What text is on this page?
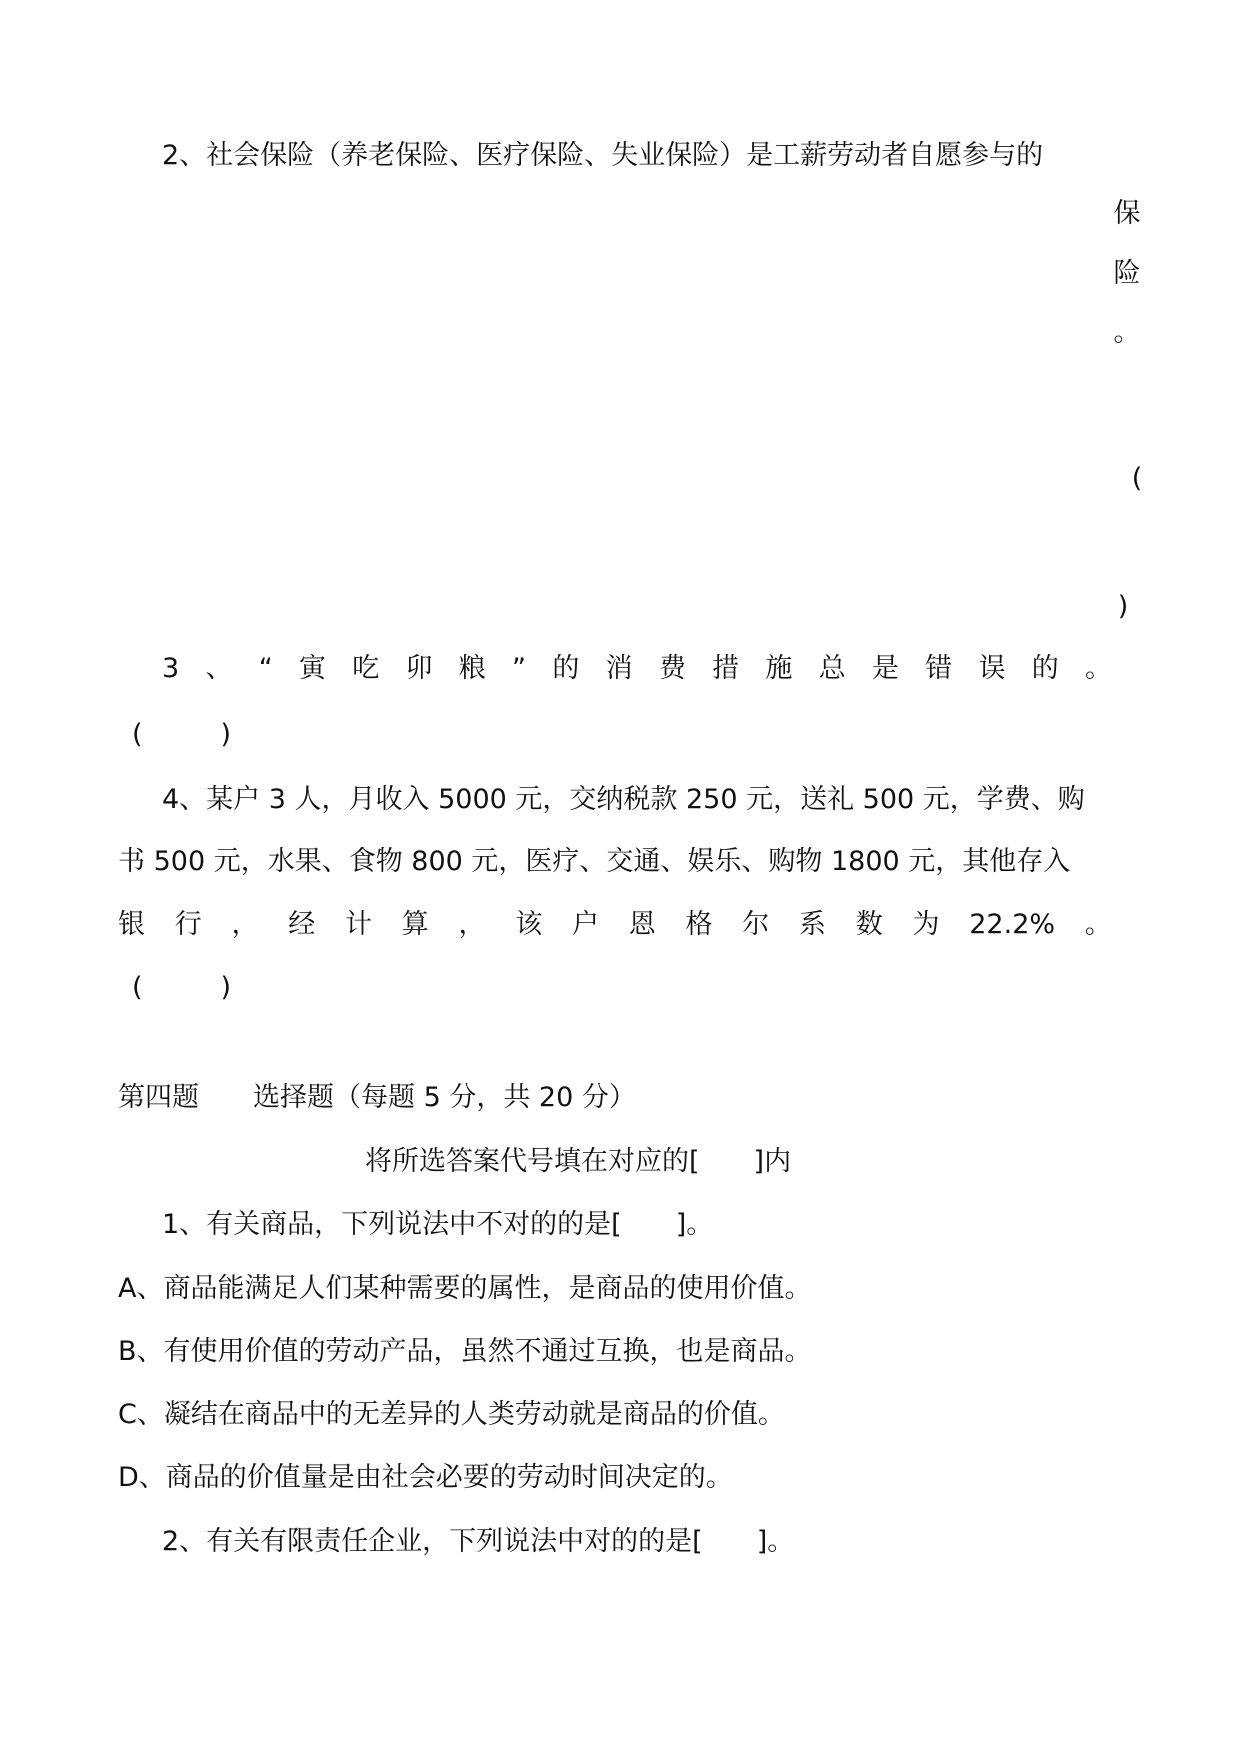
2、社会保险（养老保险、医疗保险、失业保险）是工薪劳动者自愿参与的
保
险
。
(
)
3 、 “ 寅 吃 卯 粮 ” 的 消 费 措 施 总 是 错 误 的 。
(　　)
4、某户 3 人，月收入 5000 元，交纳税款 250 元，送礼 500 元，学费、购
书 500 元，水果、食物 800 元，医疗、交通、娱乐、购物 1800 元，其他存入
银 行 ， 经 计 算 ， 该 户 恩 格 尔 系 数 为 22.2% 。
(　　)
第四题　　选择题（每题 5 分，共 20 分）
将所选答案代号填在对应的[　　]内
1、有关商品，下列说法中不对的的是[　　]。
A、商品能满足人们某种需要的属性，是商品的使用价值。
B、有使用价值的劳动产品，虽然不通过互换，也是商品。
C、凝结在商品中的无差异的人类劳动就是商品的价值。
D、商品的价值量是由社会必要的劳动时间决定的。
2、有关有限责任企业，下列说法中对的的是[　　]。
